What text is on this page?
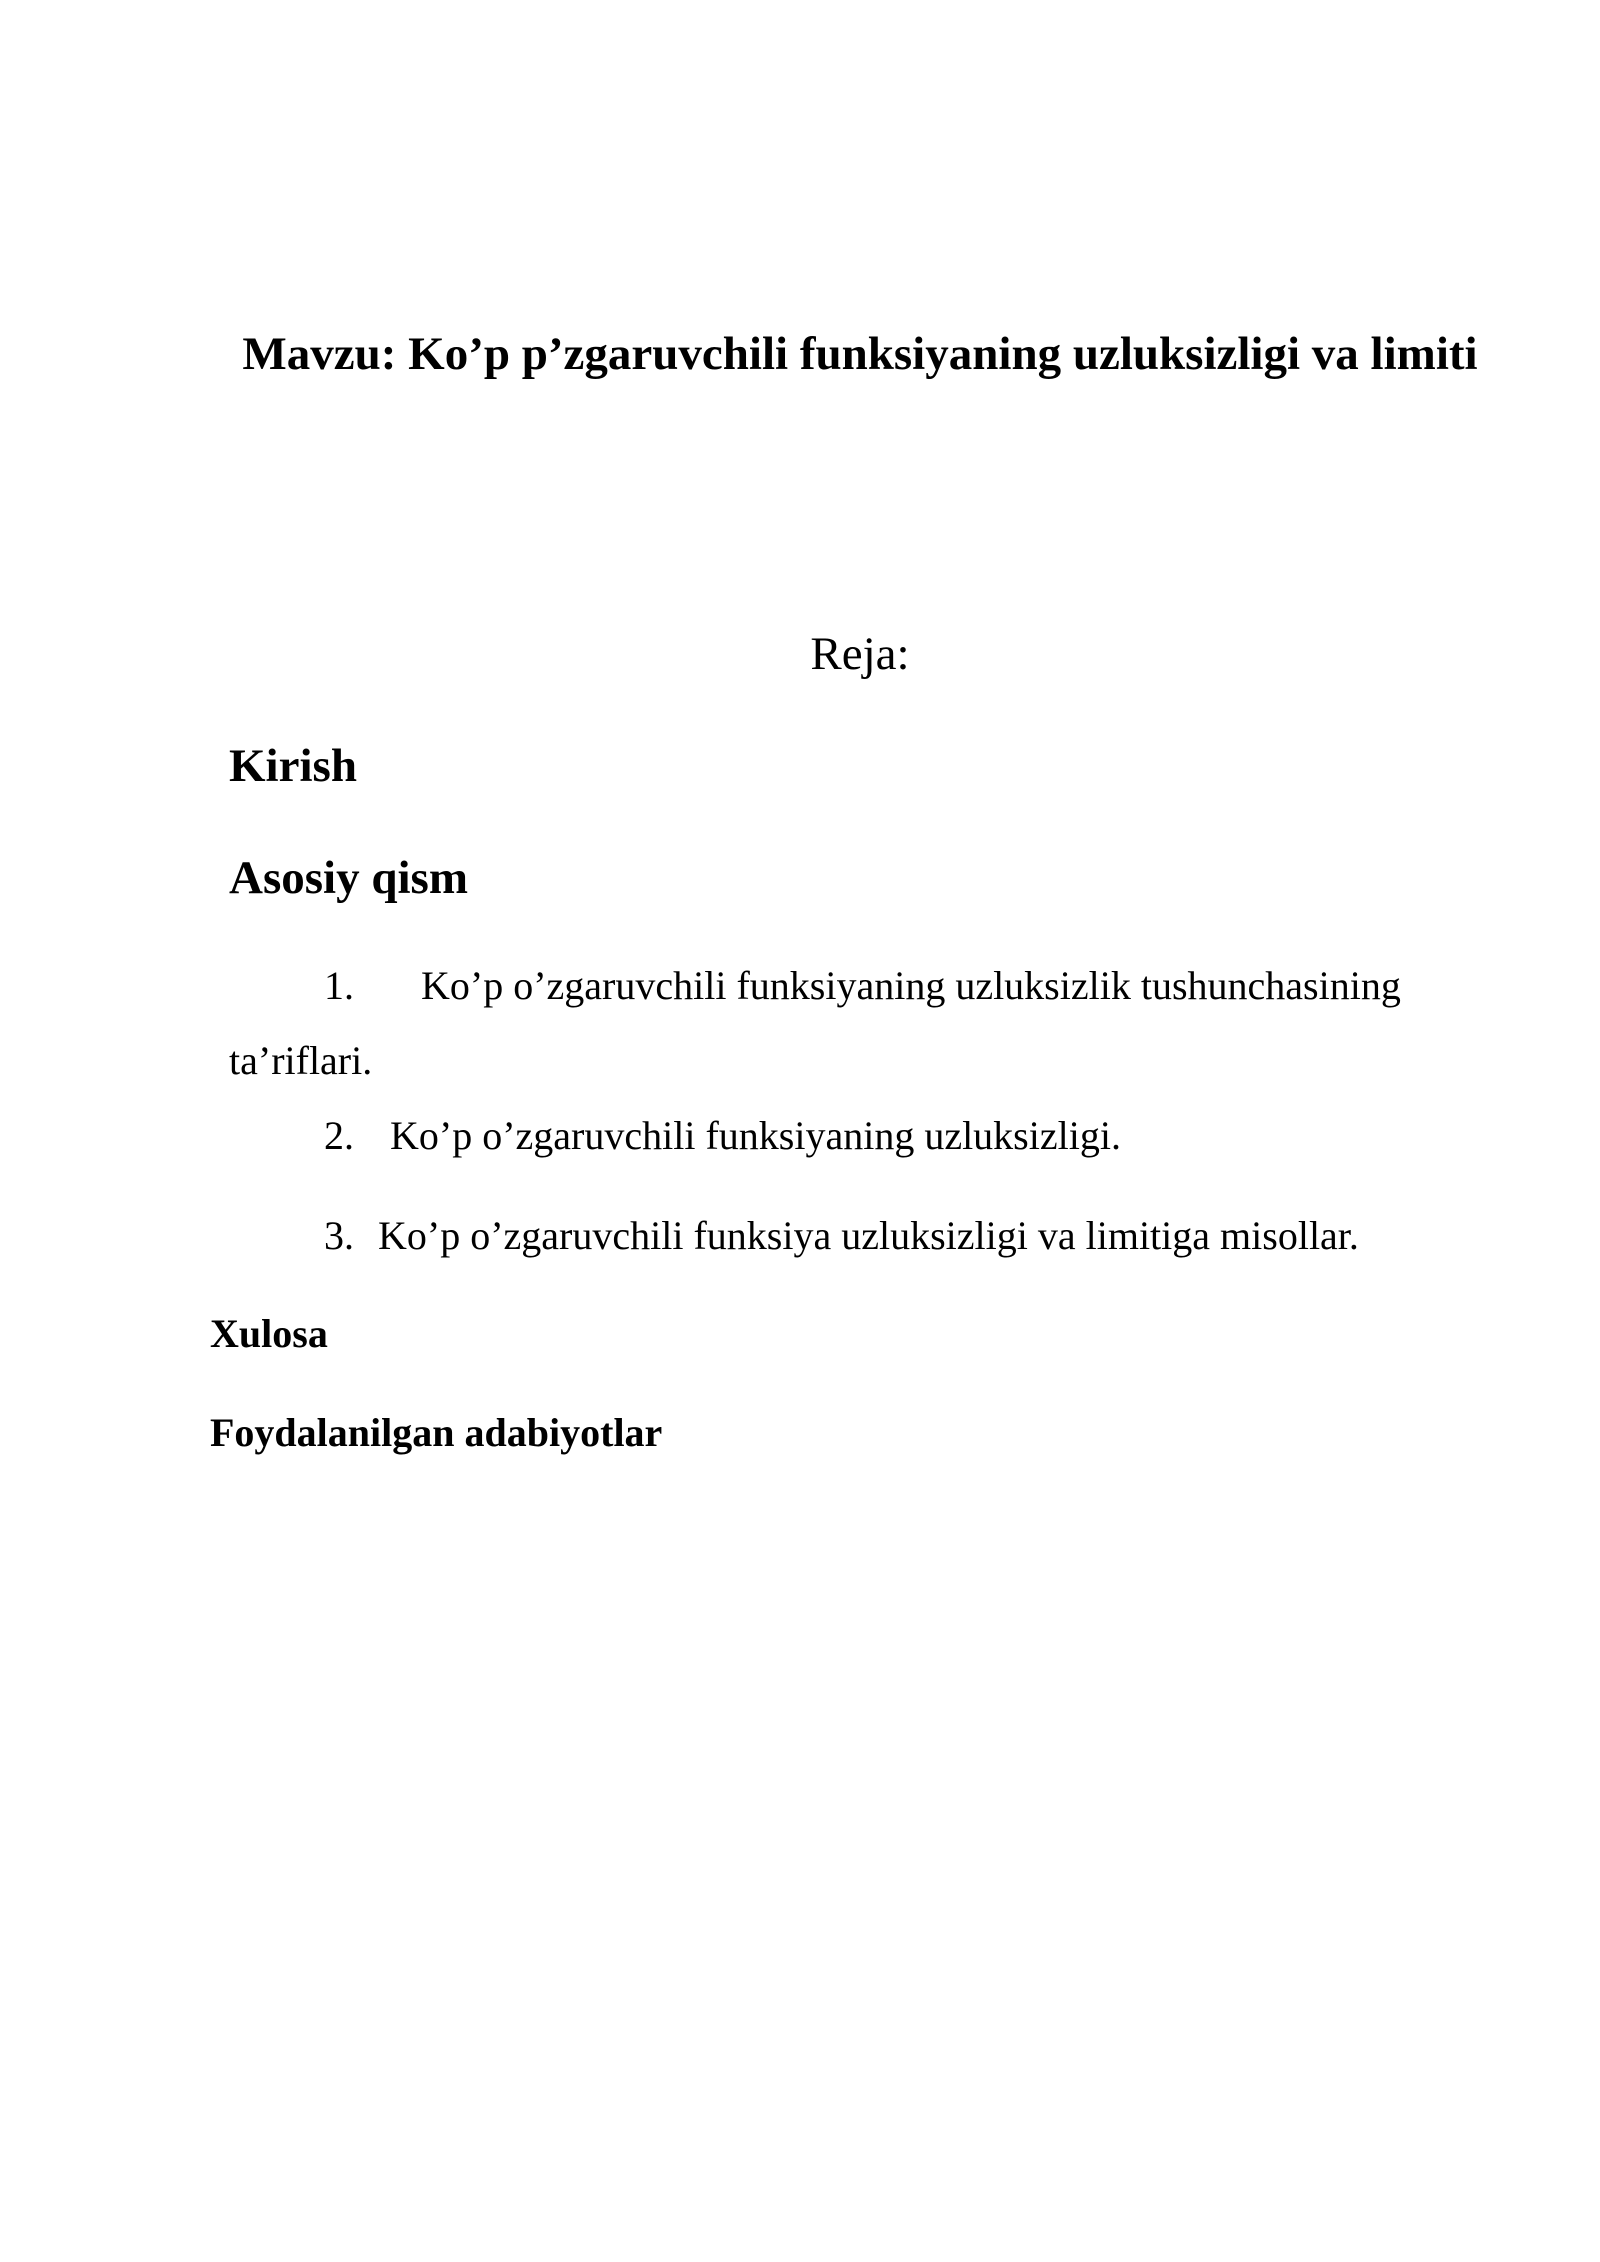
Mavzu: Ko’p p’zgaruvchili funksiyaning uzluksizligi va limiti
Reja:
Kirish
Asosiy qism
1. Ko’p o’zgaruvchili funksiyaning uzluksizlik tushunchasining
ta’riflari.
2. Ko’p o’zgaruvchili funksiyaning uzluksizligi.
3. Ko’p o’zgaruvchili funksiya uzluksizligi va limitiga misollar.
Xulosa
Foydalanilgan adabiyotlar
